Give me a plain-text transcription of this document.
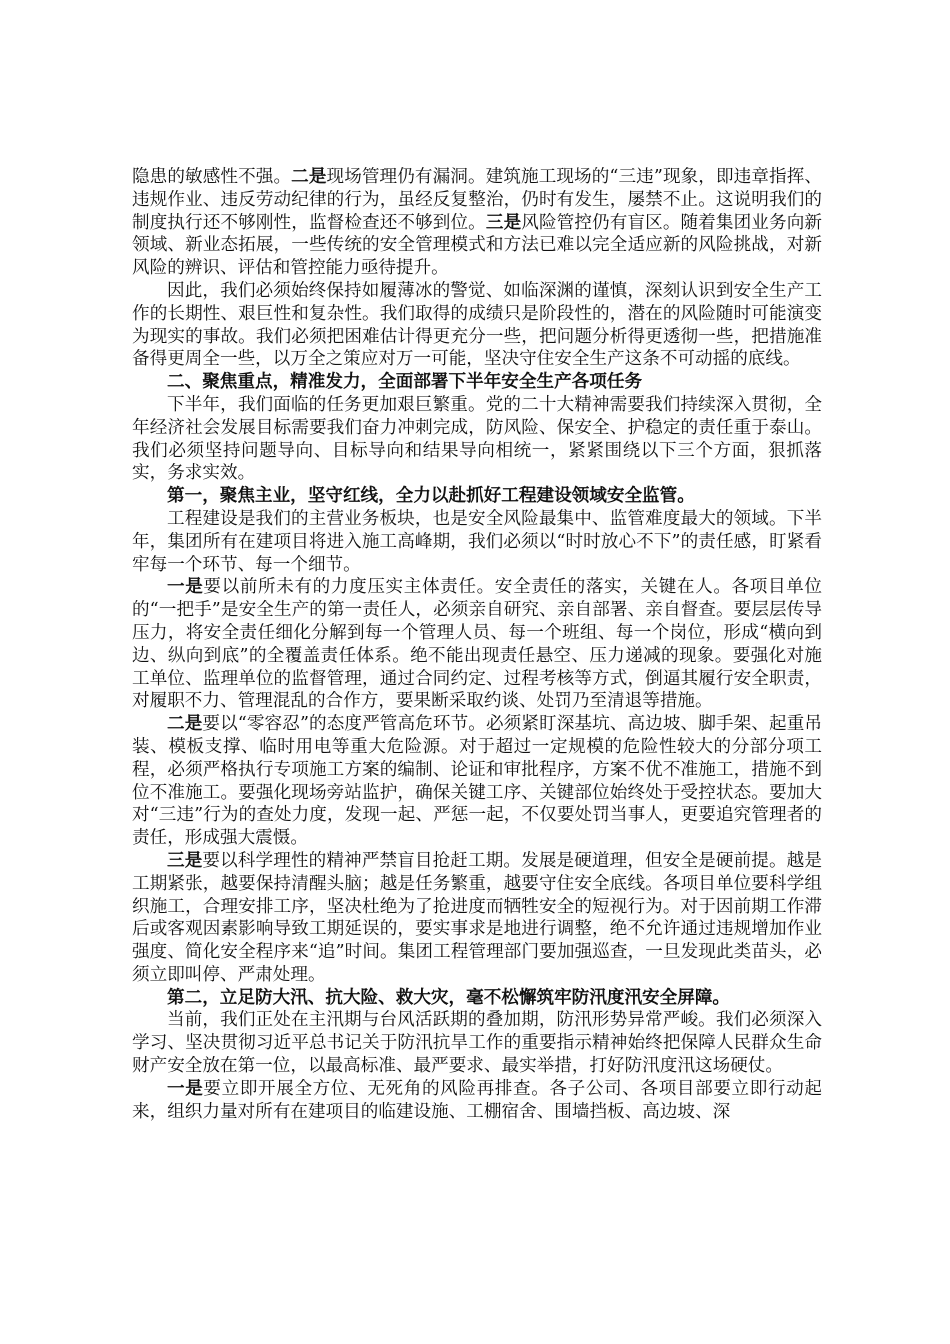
隐患的敏感性不强。二是现场管理仍有漏洞。建筑施工现场的“三违”现象，即违章指挥、违规作业、违反劳动纪律的行为，虽经反复整治，仍时有发生，屡禁不止。这说明我们的制度执行还不够刚性，监督检查还不够到位。三是风险管控仍有盲区。随着集团业务向新领域、新业态拓展，一些传统的安全管理模式和方法已难以完全适应新的风险挑战，对新风险的辨识、评估和管控能力亟待提升。

因此，我们必须始终保持如履薄冰的警觉、如临深渊的谨慎，深刻认识到安全生产工作的长期性、艰巨性和复杂性。我们取得的成绩只是阶段性的，潜在的风险随时可能演变为现实的事故。我们必须把困难估计得更充分一些，把问题分析得更透彻一些，把措施准备得更周全一些，以万全之策应对万一可能，坚决守住安全生产这条不可动摇的底线。

二、聚焦重点，精准发力，全面部署下半年安全生产各项任务

下半年，我们面临的任务更加艰巨繁重。党的二十大精神需要我们持续深入贯彻，全年经济社会发展目标需要我们奋力冲刺完成，防风险、保安全、护稳定的责任重于泰山。我们必须坚持问题导向、目标导向和结果导向相统一，紧紧围绕以下三个方面，狠抓落实，务求实效。

第一，聚焦主业，坚守红线，全力以赴抓好工程建设领域安全监管。

工程建设是我们的主营业务板块，也是安全风险最集中、监管难度最大的领域。下半年，集团所有在建项目将进入施工高峰期，我们必须以“时时放心不下”的责任感，盯紧看牢每一个环节、每一个细节。

一是要以前所未有的力度压实主体责任。安全责任的落实，关键在人。各项目单位的“一把手”是安全生产的第一责任人，必须亲自研究、亲自部署、亲自督查。要层层传导压力，将安全责任细化分解到每一个管理人员、每一个班组、每一个岗位，形成“横向到边、纵向到底”的全覆盖责任体系。绝不能出现责任悬空、压力递减的现象。要强化对施工单位、监理单位的监督管理，通过合同约定、过程考核等方式，倒逼其履行安全职责，对履职不力、管理混乱的合作方，要果断采取约谈、处罚乃至清退等措施。

二是要以“零容忍”的态度严管高危环节。必须紧盯深基坑、高边坡、脚手架、起重吊装、模板支撑、临时用电等重大危险源。对于超过一定规模的危险性较大的分部分项工程，必须严格执行专项施工方案的编制、论证和审批程序，方案不优不准施工，措施不到位不准施工。要强化现场旁站监护，确保关键工序、关键部位始终处于受控状态。要加大对“三违”行为的查处力度，发现一起、严惩一起，不仅要处罚当事人，更要追究管理者的责任，形成强大震慑。

三是要以科学理性的精神严禁盲目抢赶工期。发展是硬道理，但安全是硬前提。越是工期紧张，越要保持清醒头脑；越是任务繁重，越要守住安全底线。各项目单位要科学组织施工，合理安排工序，坚决杜绝为了抢进度而牺牲安全的短视行为。对于因前期工作滞后或客观因素影响导致工期延误的，要实事求是地进行调整，绝不允许通过违规增加作业强度、简化安全程序来“追”时间。集团工程管理部门要加强巡查，一旦发现此类苗头，必须立即叫停、严肃处理。

第二，立足防大汛、抗大险、救大灾，毫不松懈筑牢防汛度汛安全屏障。

当前，我们正处在主汛期与台风活跃期的叠加期，防汛形势异常严峻。我们必须深入学习、坚决贯彻习近平总书记关于防汛抗旱工作的重要指示精神始终把保障人民群众生命财产安全放在第一位，以最高标准、最严要求、最实举措，打好防汛度汛这场硬仗。

一是要立即开展全方位、无死角的风险再排查。各子公司、各项目部要立即行动起来，组织力量对所有在建项目的临建设施、工棚宿舍、围墙挡板、高边坡、深
